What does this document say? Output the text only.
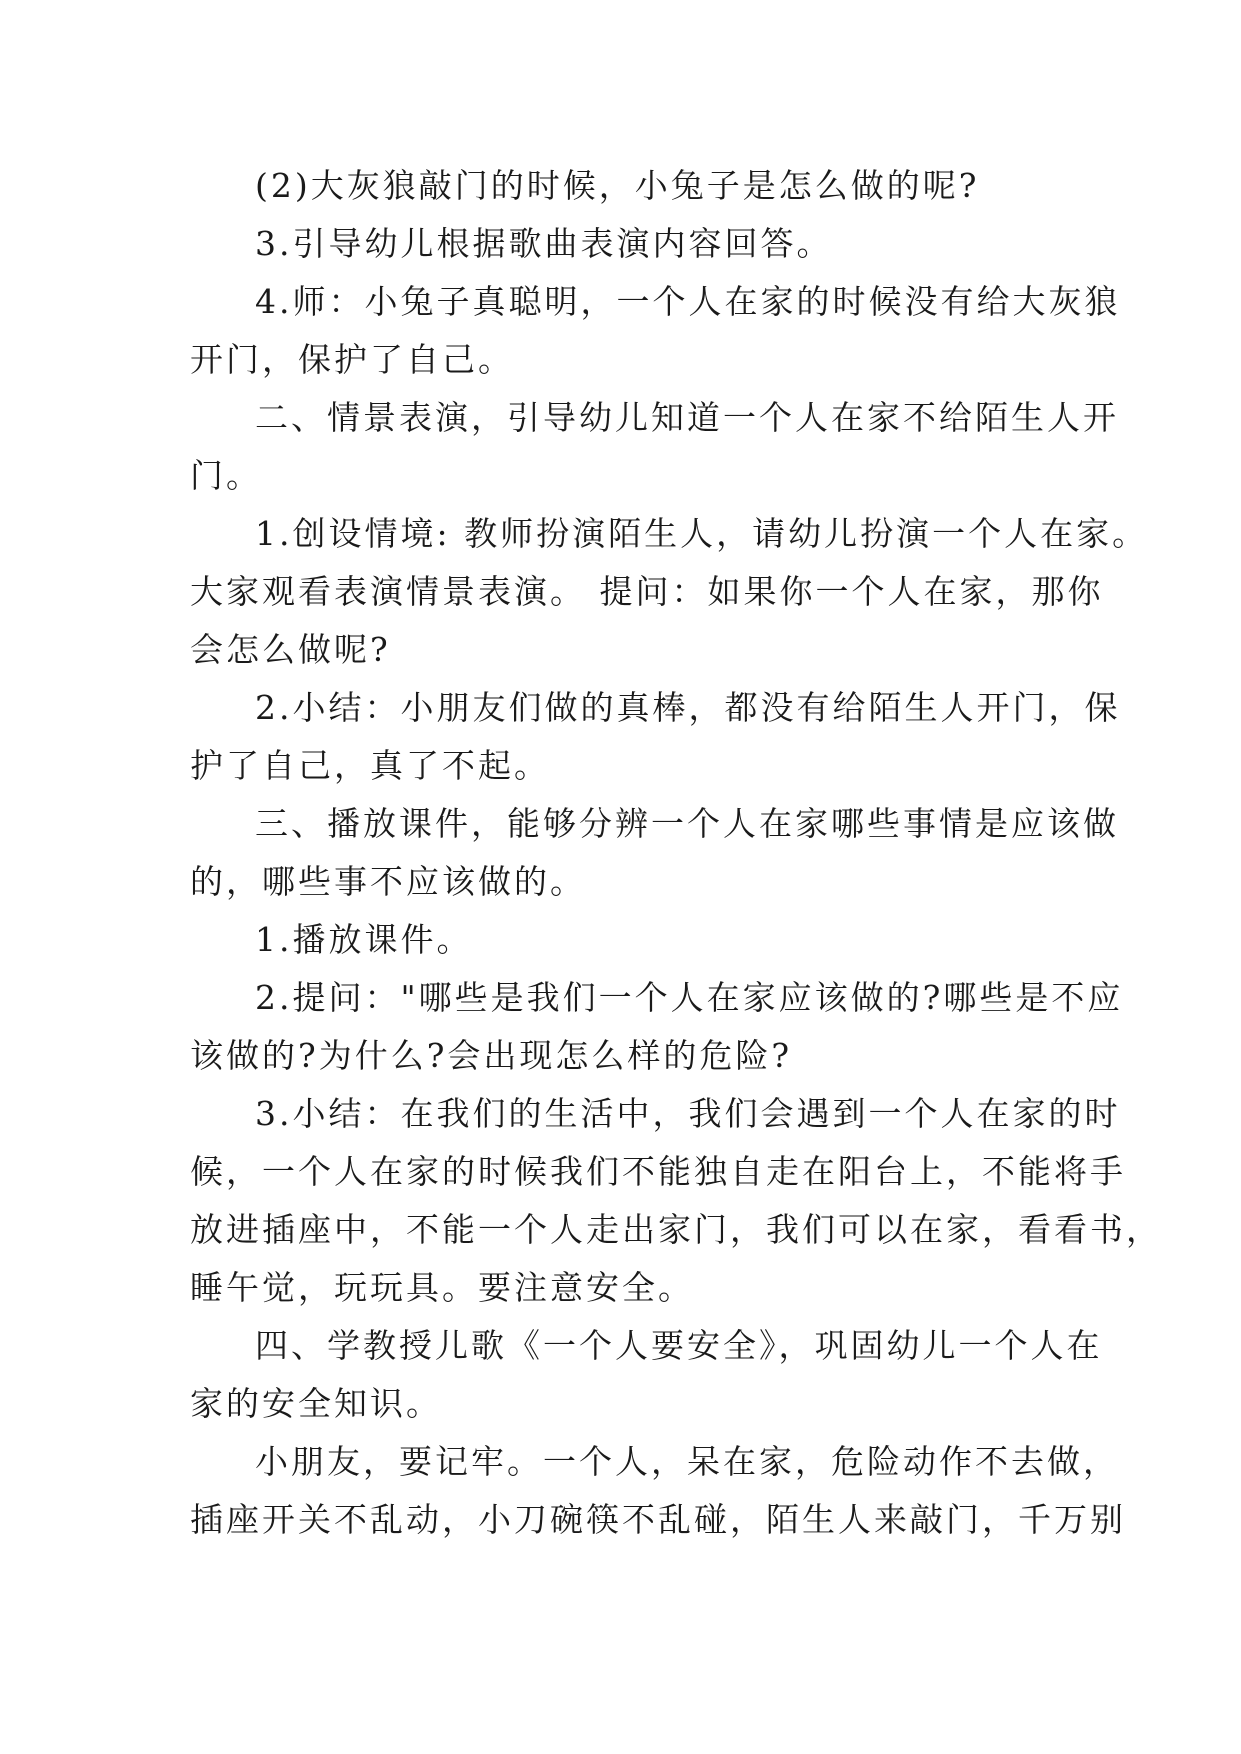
(2)大灰狼敲门的时候，小兔子是怎么做的呢?
3.引导幼儿根据歌曲表演内容回答。
4.师：小兔子真聪明，一个人在家的时候没有给大灰狼
开门，保护了自己。
二、情景表演，引导幼儿知道一个人在家不给陌生人开
门。
1.创设情境: 教师扮演陌生人，请幼儿扮演一个人在家。
大家观看表演情景表演。 提问：如果你一个人在家，那你
会怎么做呢?
2.小结：小朋友们做的真棒，都没有给陌生人开门，保
护了自己，真了不起。
三、播放课件，能够分辨一个人在家哪些事情是应该做
的，哪些事不应该做的。
1.播放课件。
2.提问："哪些是我们一个人在家应该做的?哪些是不应
该做的?为什么?会出现怎么样的危险?
3.小结：在我们的生活中，我们会遇到一个人在家的时
候，一个人在家的时候我们不能独自走在阳台上，不能将手
放进插座中，不能一个人走出家门，我们可以在家，看看书，
睡午觉，玩玩具。要注意安全。
四、学教授儿歌《一个人要安全》，巩固幼儿一个人在
家的安全知识。
小朋友，要记牢。一个人，呆在家，危险动作不去做，
插座开关不乱动，小刀碗筷不乱碰，陌生人来敲门，千万别
